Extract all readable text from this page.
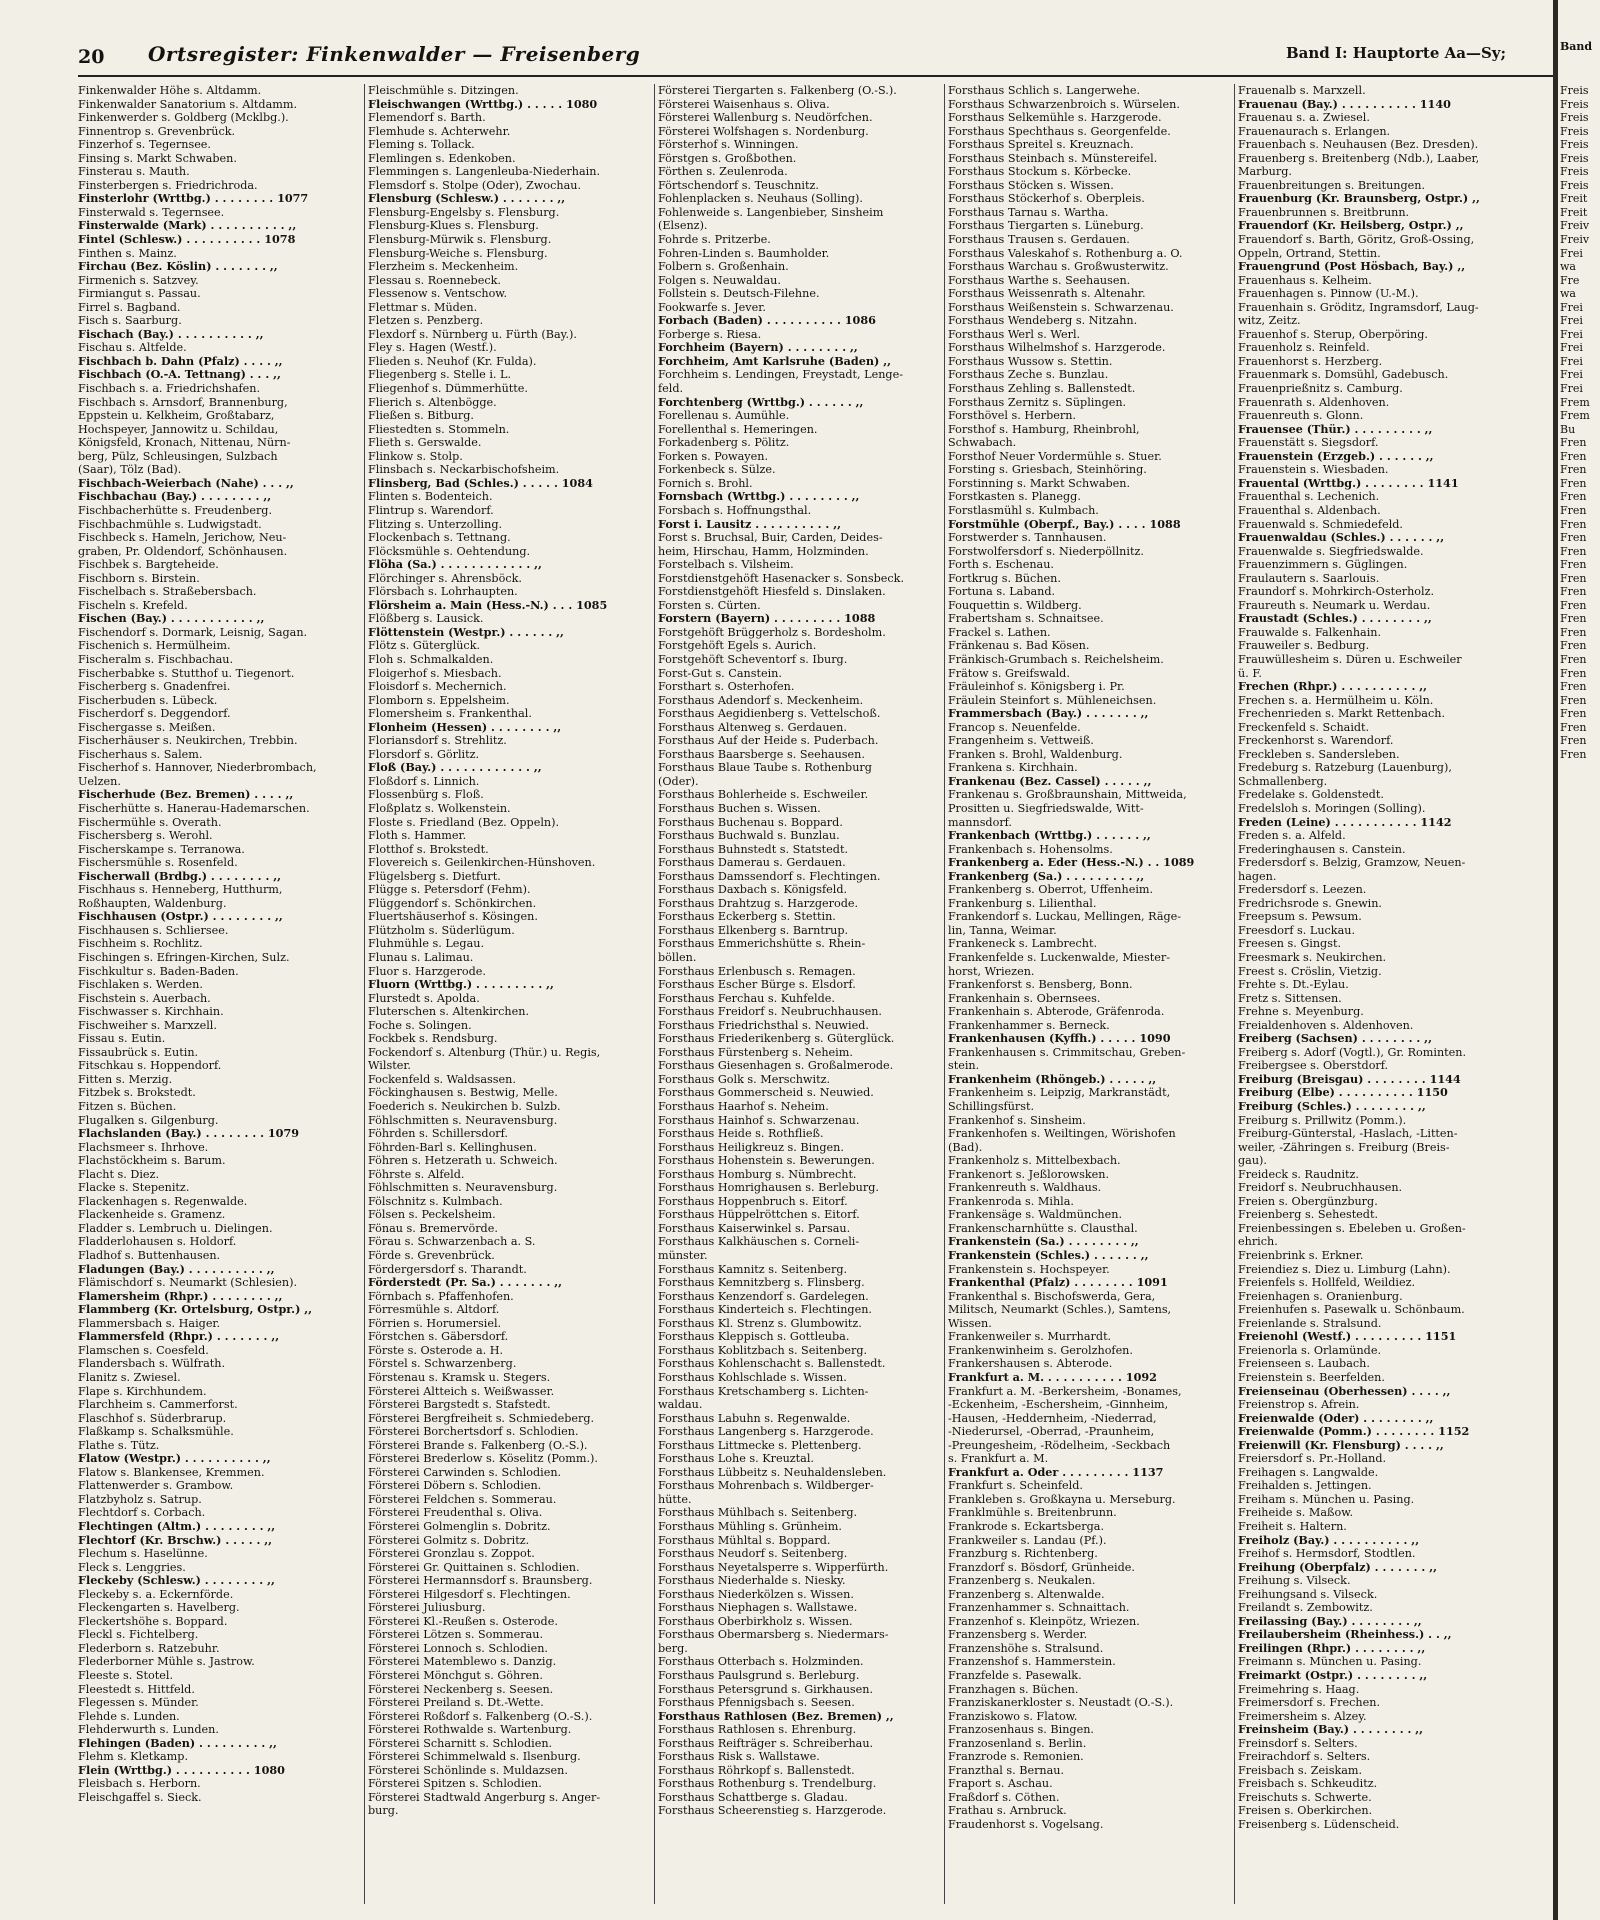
20 Ortsregister: Finkenwalder — Freisenberg	Band I: Hauptorte Aa—Sy;
Finkenwalder Höhe s. Altdamm.
Finkenwalder Sanatorium s. Altdamm.
Finkenwerder s. Goldberg (Mcklbg.).
Finnentrop s. Grevenbrück.
Finzerhof s. Tegernsee.
Finsing s. Markt Schwaben.
Finsterau s. Mauth.
Finsterbergen s. Friedrichroda.
Finsterlohr (Wrttbg.) . . . . . . . . 1077
Finsterwald s. Tegernsee.
Finsterwalde (Mark) . . . . . . . . . . ,,
Fintel (Schlesw.) . . . . . . . . . . 1078
Finthen s. Mainz.
Firchau (Bez. Köslin) . . . . . . . ,,
Firmenich s. Satzvey.
Firmiangut s. Passau.
Firrel s. Bagband.
Fisch s. Saarburg.
Fischach (Bay.) . . . . . . . . . . ,,
Fischau s. Altfelde.
Fischbach b. Dahn (Pfalz) . . . . ,,
Fischbach (O.-A. Tettnang) . . . ,,
Fischbach s. a. Friedrichshafen.
Fischbach s. Arnsdorf, Brannenburg,
Eppstein u. Kelkheim, Großtabarz,
Hochspeyer, Jannowitz u. Schildau,
Königsfeld, Kronach, Nittenau, Nürn-
berg, Pülz, Schleusingen, Sulzbach
(Saar), Tölz (Bad).
Fischbach-Weierbach (Nahe) . . . ,,
Fischbachau (Bay.) . . . . . . . . ,,
Fischbacherhütte s. Freudenberg.
Fischbachmühle s. Ludwigstadt.
Fischbeck s. Hameln, Jerichow, Neu-
graben, Pr. Oldendorf, Schönhausen.
Fischbek s. Bargteheide.
Fischborn s. Birstein.
Fischelbach s. Straßebersbach.
Fischeln s. Krefeld.
Fischen (Bay.) . . . . . . . . . . . ,,
Fischendorf s. Dormark, Leisnig, Sagan.
Fischenich s. Hermülheim.
Fischeralm s. Fischbachau.
Fischerbabke s. Stutthof u. Tiegenort.
Fischerberg s. Gnadenfrei.
Fischerbuden s. Lübeck.
Fischerdorf s. Deggendorf.
Fischergasse s. Meißen.
Fischerhäuser s. Neukirchen, Trebbin.
Fischerhaus s. Salem.
Fischerhof s. Hannover, Niederbrombach,
Uelzen.
Fischerhude (Bez. Bremen) . . . . ,,
Fischerhütte s. Hanerau-Hademarschen.
Fischermühle s. Overath.
Fischersberg s. Werohl.
Fischerskampe s. Terranowa.
Fischersmühle s. Rosenfeld.
Fischerwall (Brdbg.) . . . . . . . . ,,
Fischhaus s. Henneberg, Hutthurm,
Roßhaupten, Waldenburg.
Fischhausen (Ostpr.) . . . . . . . . ,,
Fischhausen s. Schliersee.
Fischheim s. Rochlitz.
Fischingen s. Efringen-Kirchen, Sulz.
Fischkultur s. Baden-Baden.
Fischlaken s. Werden.
Fischstein s. Auerbach.
Fischwasser s. Kirchhain.
Fischweiher s. Marxzell.
Fissau s. Eutin.
Fissaubrück s. Eutin.
Fitschkau s. Hoppendorf.
Fitten s. Merzig.
Fitzbek s. Brokstedt.
Fitzen s. Büchen.
Flugalken s. Gilgenburg.
Flachslanden (Bay.) . . . . . . . . 1079
Flachsmeer s. Ihrhove.
Flachstöckheim s. Barum.
Flacht s. Diez.
Flacke s. Stepenitz.
Flackenhagen s. Regenwalde.
Flackenheide s. Gramenz.
Fladder s. Lembruch u. Dielingen.
Fladderlohausen s. Holdorf.
Fladhof s. Buttenhausen.
Fladungen (Bay.) . . . . . . . . . . ,,
Flämischdorf s. Neumarkt (Schlesien).
Flamersheim (Rhpr.) . . . . . . . . ,,
Flammberg (Kr. Ortelsburg, Ostpr.) ,,
Flammersbach s. Haiger.
Flammersfeld (Rhpr.) . . . . . . . ,,
Flamschen s. Coesfeld.
Flandersbach s. Wülfrath.
Flanitz s. Zwiesel.
Flape s. Kirchhundem.
Flarchheim s. Cammerforst.
Flaschhof s. Süderbrarup.
Flaßkamp s. Schalksmühle.
Flathe s. Tütz.
Flatow (Westpr.) . . . . . . . . . . ,,
Flatow s. Blankensee, Kremmen.
Flattenwerder s. Grambow.
Flatzbyholz s. Satrup.
Flechtdorf s. Corbach.
Flechtingen (Altm.) . . . . . . . . ,,
Flechtorf (Kr. Brschw.) . . . . . ,,
Flechum s. Haselünne.
Fleck s. Lenggries.
Fleckeby (Schlesw.) . . . . . . . . ,,
Fleckeby s. a. Eckernförde.
Fleckengarten s. Havelberg.
Fleckertshöhe s. Boppard.
Fleckl s. Fichtelberg.
Flederborn s. Ratzebuhr.
Flederborner Mühle s. Jastrow.
Fleeste s. Stotel.
Fleestedt s. Hittfeld.
Flegessen s. Münder.
Flehde s. Lunden.
Flehderwurth s. Lunden.
Flehingen (Baden) . . . . . . . . . ,,
Flehm s. Kletkamp.
Flein (Wrttbg.) . . . . . . . . . . 1080
Fleisbach s. Herborn.
Fleischgaffel s. Sieck.
Fleischmühle s. Ditzingen.
Fleischwangen (Wrttbg.) . . . . . 1080
Flemendorf s. Barth.
Flemhude s. Achterwehr.
Fleming s. Tollack.
Flemlingen s. Edenkoben.
Flemmingen s. Langenleuba-Niederhain.
Flemsdorf s. Stolpe (Oder), Zwochau.
Flensburg (Schlesw.) . . . . . . . ,,
Flensburg-Engelsby s. Flensburg.
Flensburg-Klues s. Flensburg.
Flensburg-Mürwik s. Flensburg.
Flensburg-Weiche s. Flensburg.
Flerzheim s. Meckenheim.
Flessau s. Roennebeck.
Flessenow s. Ventschow.
Flettmar s. Müden.
Fletzen s. Penzberg.
Flexdorf s. Nürnberg u. Fürth (Bay.).
Fley s. Hagen (Westf.).
Flieden s. Neuhof (Kr. Fulda).
Fliegenberg s. Stelle i. L.
Fliegenhof s. Dümmerhütte.
Flierich s. Altenbögge.
Fließen s. Bitburg.
Fliestedten s. Stommeln.
Flieth s. Gerswalde.
Flinkow s. Stolp.
Flinsbach s. Neckarbischofsheim.
Flinsberg, Bad (Schles.) . . . . . 1084
Flinten s. Bodenteich.
Flintrup s. Warendorf.
Flitzing s. Unterzolling.
Flockenbach s. Tettnang.
Flöcksmühle s. Oehtendung.
Flöha (Sa.) . . . . . . . . . . . . ,,
Flörchinger s. Ahrensböck.
Flörsbach s. Lohrhaupten.
Flörsheim a. Main (Hess.-N.) . . . 1085
Flößberg s. Lausick.
Flöttenstein (Westpr.) . . . . . . ,,
Flötz s. Güterglück.
Floh s. Schmalkalden.
Floigerhof s. Miesbach.
Floisdorf s. Mechernich.
Flomborn s. Eppelsheim.
Flomersheim s. Frankenthal.
Flonheim (Hessen) . . . . . . . . ,,
Floriansdorf s. Strehlitz.
Florsdorf s. Görlitz.
Floß (Bay.) . . . . . . . . . . . . ,,
Floßdorf s. Linnich.
Flossenbürg s. Floß.
Floßplatz s. Wolkenstein.
Floste s. Friedland (Bez. Oppeln).
Floth s. Hammer.
Flotthof s. Brokstedt.
Flovereich s. Geilenkirchen-Hünshoven.
Flügelsberg s. Dietfurt.
Flügge s. Petersdorf (Fehm).
Flüggendorf s. Schönkirchen.
Fluertshäuserhof s. Kösingen.
Flützholm s. Süderlügum.
Fluhmühle s. Legau.
Flunau s. Lalimau.
Fluor s. Harzgerode.
Fluorn (Wrttbg.) . . . . . . . . . ,,
Flurstedt s. Apolda.
Fluterschen s. Altenkirchen.
Foche s. Solingen.
Fockbek s. Rendsburg.
Fockendorf s. Altenburg (Thür.) u. Regis,
Wilster.
Fockenfeld s. Waldsassen.
Föckinghausen s. Bestwig, Melle.
Foederich s. Neukirchen b. Sulzb.
Föhlschmitten s. Neuravensburg.
Föhrden s. Schillersdorf.
Föhrden-Barl s. Kellinghusen.
Föhren s. Hetzerath u. Schweich.
Föhrste s. Alfeld.
Föhlschmitten s. Neuravensburg.
Fölschnitz s. Kulmbach.
Fölsen s. Peckelsheim.
Fönau s. Bremervörde.
Förau s. Schwarzenbach a. S.
Förde s. Grevenbrück.
Fördergersdorf s. Tharandt.
Förderstedt (Pr. Sa.) . . . . . . . ,,
Förnbach s. Pfaffenhofen.
Förresmühle s. Altdorf.
Förrien s. Horumersiel.
Förstchen s. Gäbersdorf.
Förste s. Osterode a. H.
Förstel s. Schwarzenberg.
Förstenau s. Kramsk u. Stegers.
Försterei Altteich s. Weißwasser.
Försterei Bargstedt s. Stafstedt.
Försterei Bergfreiheit s. Schmiedeberg.
Försterei Borchertsdorf s. Schlodien.
Försterei Brande s. Falkenberg (O.-S.).
Försterei Brederlow s. Köselitz (Pomm.).
Försterei Carwinden s. Schlodien.
Försterei Döbern s. Schlodien.
Försterei Feldchen s. Sommerau.
Försterei Freudenthal s. Oliva.
Försterei Golmenglin s. Dobritz.
Försterei Golmitz s. Dobritz.
Försterei Gronzlau s. Zoppot.
Försterei Gr. Quittainen s. Schlodien.
Försterei Hermannsdorf s. Braunsberg.
Försterei Hilgesdorf s. Flechtingen.
Försterei Juliusburg.
Försterei Kl.-Reußen s. Osterode.
Försterei Lötzen s. Sommerau.
Försterei Lonnoch s. Schlodien.
Försterei Matemblewo s. Danzig.
Försterei Mönchgut s. Göhren.
Försterei Neckenberg s. Seesen.
Försterei Preiland s. Dt.-Wette.
Försterei Roßdorf s. Falkenberg (O.-S.).
Försterei Rothwalde s. Wartenburg.
Försterei Scharnitt s. Schlodien.
Försterei Schimmelwald s. Ilsenburg.
Försterei Schönlinde s. Muldazsen.
Försterei Spitzen s. Schlodien.
Försterei Stadtwald Angerburg s. Anger-
burg.
Försterei Tiergarten s. Falkenberg (O.-S.).
Försterei Waisenhaus s. Oliva.
Försterei Wallenburg s. Neudörfchen.
Försterei Wolfshagen s. Nordenburg.
Försterhof s. Winningen.
Förstgen s. Großbothen.
Förthen s. Zeulenroda.
Förtschendorf s. Teuschnitz.
Fohlenplacken s. Neuhaus (Solling).
Fohlenweide s. Langenbieber, Sinsheim
(Elsenz).
Fohrde s. Pritzerbe.
Fohren-Linden s. Baumholder.
Folbern s. Großenhain.
Folgen s. Neuwaldau.
Follstein s. Deutsch-Filehne.
Fookwarfe s. Jever.
Forbach (Baden) . . . . . . . . . . 1086
Forberge s. Riesa.
Forchheim (Bayern) . . . . . . . . ,,
Forchheim, Amt Karlsruhe (Baden) ,,
Forchheim s. Lendingen, Freystadt, Lenge-
feld.
Forchtenberg (Wrttbg.) . . . . . . ,,
Forellenau s. Aumühle.
Forellenthal s. Hemeringen.
Forkadenberg s. Pölitz.
Forken s. Powayen.
Forkenbeck s. Sülze.
Fornich s. Brohl.
Fornsbach (Wrttbg.) . . . . . . . . ,,
Forsbach s. Hoffnungsthal.
Forst i. Lausitz . . . . . . . . . . ,,
Forst s. Bruchsal, Buir, Carden, Deides-
heim, Hirschau, Hamm, Holzminden.
Forstelbach s. Vilsheim.
Forstdienstgehöft Hasenacker s. Sonsbeck.
Forstdienstgehöft Hiesfeld s. Dinslaken.
Forsten s. Cürten.
Forstern (Bayern) . . . . . . . . . 1088
Forstgehöft Brüggerholz s. Bordesholm.
Forstgehöft Egels s. Aurich.
Forstgehöft Scheventorf s. Iburg.
Forst-Gut s. Canstein.
Forsthart s. Osterhofen.
Forsthaus Adendorf s. Meckenheim.
Forsthaus Aegidienberg s. Vettelschoß.
Forsthaus Altenweg s. Gerdauen.
Forsthaus Auf der Heide s. Puderbach.
Forsthaus Baarsberge s. Seehausen.
Forsthaus Blaue Taube s. Rothenburg
(Oder).
Forsthaus Bohlerheide s. Eschweiler.
Forsthaus Buchen s. Wissen.
Forsthaus Buchenau s. Boppard.
Forsthaus Buchwald s. Bunzlau.
Forsthaus Buhnstedt s. Statstedt.
Forsthaus Damerau s. Gerdauen.
Forsthaus Damssendorf s. Flechtingen.
Forsthaus Daxbach s. Königsfeld.
Forsthaus Drahtzug s. Harzgerode.
Forsthaus Eckerberg s. Stettin.
Forsthaus Elkenberg s. Barntrup.
Forsthaus Emmerichshütte s. Rhein-
böllen.
Forsthaus Erlenbusch s. Remagen.
Forsthaus Escher Bürge s. Elsdorf.
Forsthaus Ferchau s. Kuhfelde.
Forsthaus Freidorf s. Neubruchhausen.
Forsthaus Friedrichsthal s. Neuwied.
Forsthaus Friederikenberg s. Güterglück.
Forsthaus Fürstenberg s. Neheim.
Forsthaus Giesenhagen s. Großalmerode.
Forsthaus Golk s. Merschwitz.
Forsthaus Gommerscheid s. Neuwied.
Forsthaus Haarhof s. Neheim.
Forsthaus Hainhof s. Schwarzenau.
Forsthaus Heide s. Rothfließ.
Forsthaus Heiligkreuz s. Bingen.
Forsthaus Hohenstein s. Bewerungen.
Forsthaus Homburg s. Nümbrecht.
Forsthaus Homrighausen s. Berleburg.
Forsthaus Hoppenbruch s. Eitorf.
Forsthaus Hüppelröttchen s. Eitorf.
Forsthaus Kaiserwinkel s. Parsau.
Forsthaus Kalkhäuschen s. Corneli-
münster.
Forsthaus Kamnitz s. Seitenberg.
Forsthaus Kemnitzberg s. Flinsberg.
Forsthaus Kenzendorf s. Gardelegen.
Forsthaus Kinderteich s. Flechtingen.
Forsthaus Kl. Strenz s. Glumbowitz.
Forsthaus Kleppisch s. Gottleuba.
Forsthaus Koblitzbach s. Seitenberg.
Forsthaus Kohlenschacht s. Ballenstedt.
Forsthaus Kohlschlade s. Wissen.
Forsthaus Kretschamberg s. Lichten-
waldau.
Forsthaus Labuhn s. Regenwalde.
Forsthaus Langenberg s. Harzgerode.
Forsthaus Littmecke s. Plettenberg.
Forsthaus Lohe s. Kreuztal.
Forsthaus Lübbeitz s. Neuhaldensleben.
Forsthaus Mohrenbach s. Wildberger-
hütte.
Forsthaus Mühlbach s. Seitenberg.
Forsthaus Mühling s. Grünheim.
Forsthaus Mühltal s. Boppard.
Forsthaus Neudorf s. Seitenberg.
Forsthaus Neyetalsperre s. Wipperfürth.
Forsthaus Niederhalde s. Niesky.
Forsthaus Niederkölzen s. Wissen.
Forsthaus Niephagen s. Wallstawe.
Forsthaus Oberbirkholz s. Wissen.
Forsthaus Obermarsberg s. Niedermars-
berg.
Forsthaus Otterbach s. Holzminden.
Forsthaus Paulsgrund s. Berleburg.
Forsthaus Petersgrund s. Girkhausen.
Forsthaus Pfennigsbach s. Seesen.
Forsthaus Rathlosen (Bez. Bremen) ,,
Forsthaus Rathlosen s. Ehrenburg.
Forsthaus Reifträger s. Schreiberhau.
Forsthaus Risk s. Wallstawe.
Forsthaus Röhrkopf s. Ballenstedt.
Forsthaus Rothenburg s. Trendelburg.
Forsthaus Schattberge s. Gladau.
Forsthaus Scheerenstieg s. Harzgerode.
Forsthaus Schlich s. Langerwehe.
Forsthaus Schwarzenbroich s. Würselen.
Forsthaus Selkemühle s. Harzgerode.
Forsthaus Spechthaus s. Georgenfelde.
Forsthaus Spreitel s. Kreuznach.
Forsthaus Steinbach s. Münstereifel.
Forsthaus Stockum s. Körbecke.
Forsthaus Stöcken s. Wissen.
Forsthaus Stöckerhof s. Oberpleis.
Forsthaus Tarnau s. Wartha.
Forsthaus Tiergarten s. Lüneburg.
Forsthaus Trausen s. Gerdauen.
Forsthaus Valeskahof s. Rothenburg a. O.
Forsthaus Warchau s. Großwusterwitz.
Forsthaus Warthe s. Seehausen.
Forsthaus Weissenrath s. Altenahr.
Forsthaus Weißenstein s. Schwarzenau.
Forsthaus Wendeberg s. Nitzahn.
Forsthaus Werl s. Werl.
Forsthaus Wilhelmshof s. Harzgerode.
Forsthaus Wussow s. Stettin.
Forsthaus Zeche s. Bunzlau.
Forsthaus Zehling s. Ballenstedt.
Forsthaus Zernitz s. Süplingen.
Forsthövel s. Herbern.
Forsthof s. Hamburg, Rheinbrohl,
Schwabach.
Forsthof Neuer Vordermühle s. Stuer.
Forsting s. Griesbach, Steinhöring.
Forstinning s. Markt Schwaben.
Forstkasten s. Planegg.
Forstlasmühl s. Kulmbach.
Forstmühle (Oberpf., Bay.) . . . . 1088
Forstwerder s. Tannhausen.
Forstwolfersdorf s. Niederpöllnitz.
Forth s. Eschenau.
Fortkrug s. Büchen.
Fortuna s. Laband.
Fouquettin s. Wildberg.
Frabertsham s. Schnaitsee.
Frackel s. Lathen.
Fränkenau s. Bad Kösen.
Fränkisch-Grumbach s. Reichelsheim.
Frätow s. Greifswald.
Fräuleinhof s. Königsberg i. Pr.
Fräulein Steinfort s. Mühleneichsen.
Frammersbach (Bay.) . . . . . . . ,,
Francop s. Neuenfelde.
Frangenheim s. Vettweiß.
Franken s. Brohl, Waldenburg.
Frankena s. Kirchhain.
Frankenau (Bez. Cassel) . . . . . ,,
Frankenau s. Großbraunshain, Mittweida,
Prositten u. Siegfriedswalde, Witt-
mannsdorf.
Frankenbach (Wrttbg.) . . . . . . ,,
Frankenbach s. Hohensolms.
Frankenberg a. Eder (Hess.-N.) . . 1089
Frankenberg (Sa.) . . . . . . . . . ,,
Frankenberg s. Oberrot, Uffenheim.
Frankenburg s. Lilienthal.
Frankendorf s. Luckau, Mellingen, Räge-
lin, Tanna, Weimar.
Frankeneck s. Lambrecht.
Frankenfelde s. Luckenwalde, Miester-
horst, Wriezen.
Frankenforst s. Bensberg, Bonn.
Frankenhain s. Obernsees.
Frankenhain s. Abterode, Gräfenroda.
Frankenhammer s. Berneck.
Frankenhausen (Kyffh.) . . . . . 1090
Frankenhausen s. Crimmitschau, Greben-
stein.
Frankenheim (Rhöngeb.) . . . . . ,,
Frankenheim s. Leipzig, Markranstädt,
Schillingsfürst.
Frankenhof s. Sinsheim.
Frankenhofen s. Weiltingen, Wörishofen
(Bad).
Frankenholz s. Mittelbexbach.
Frankenort s. Jeßlorowsken.
Frankenreuth s. Waldhaus.
Frankenroda s. Mihla.
Frankensäge s. Waldmünchen.
Frankenscharnhütte s. Clausthal.
Frankenstein (Sa.) . . . . . . . . ,,
Frankenstein (Schles.) . . . . . . ,,
Frankenstein s. Hochspeyer.
Frankenthal (Pfalz) . . . . . . . . 1091
Frankenthal s. Bischofswerda, Gera,
Militsch, Neumarkt (Schles.), Samtens,
Wissen.
Frankenweiler s. Murrhardt.
Frankenwinheim s. Gerolzhofen.
Frankershausen s. Abterode.
Frankfurt a. M. . . . . . . . . . . 1092
Frankfurt a. M. -Berkersheim, -Bonames,
-Eckenheim, -Eschersheim, -Ginnheim,
-Hausen, -Heddernheim, -Niederrad,
-Niederursel, -Oberrad, -Praunheim,
-Preungesheim, -Rödelheim, -Seckbach
s. Frankfurt a. M.
Frankfurt a. Oder . . . . . . . . . 1137
Frankfurt s. Scheinfeld.
Frankleben s. Großkayna u. Merseburg.
Franklmühle s. Breitenbrunn.
Frankrode s. Eckartsberga.
Frankweiler s. Landau (Pf.).
Franzburg s. Richtenberg.
Franzdorf s. Bösdorf, Grünheide.
Franzenberg s. Neukalen.
Franzenberg s. Altenwalde.
Franzenhammer s. Schnaittach.
Franzenhof s. Kleinpötz, Wriezen.
Franzensberg s. Werder.
Franzenshöhe s. Stralsund.
Franzenshof s. Hammerstein.
Franzfelde s. Pasewalk.
Franzhagen s. Büchen.
Franziskanerkloster s. Neustadt (O.-S.).
Franziskowo s. Flatow.
Franzosenhaus s. Bingen.
Franzosenland s. Berlin.
Franzrode s. Remonien.
Franzthal s. Bernau.
Fraport s. Aschau.
Fraßdorf s. Cöthen.
Frathau s. Arnbruck.
Fraudenhorst s. Vogelsang.
Frauenalb s. Marxzell.
Frauenau (Bay.) . . . . . . . . . . 1140
Frauenau s. a. Zwiesel.
Frauenaurach s. Erlangen.
Frauenbach s. Neuhausen (Bez. Dresden).
Frauenberg s. Breitenberg (Ndb.), Laaber,
Marburg.
Frauenbreitungen s. Breitungen.
Frauenburg (Kr. Braunsberg, Ostpr.) ,,
Frauenbrunnen s. Breitbrunn.
Frauendorf (Kr. Heilsberg, Ostpr.) ,,
Frauendorf s. Barth, Göritz, Groß-Ossing,
Oppeln, Ortrand, Stettin.
Frauengrund (Post Hösbach, Bay.) ,,
Frauenhaus s. Kelheim.
Frauenhagen s. Pinnow (U.-M.).
Frauenhain s. Gröditz, Ingramsdorf, Laug-
witz, Zeitz.
Frauenhof s. Sterup, Oberpöring.
Frauenholz s. Reinfeld.
Frauenhorst s. Herzberg.
Frauenmark s. Domsühl, Gadebusch.
Frauenprießnitz s. Camburg.
Frauenrath s. Aldenhoven.
Frauenreuth s. Glonn.
Frauensee (Thür.) . . . . . . . . . ,,
Frauenstätt s. Siegsdorf.
Frauenstein (Erzgeb.) . . . . . . ,,
Frauenstein s. Wiesbaden.
Frauental (Wrttbg.) . . . . . . . . 1141
Frauenthal s. Lechenich.
Frauenthal s. Aldenbach.
Frauenwald s. Schmiedefeld.
Frauenwaldau (Schles.) . . . . . . ,,
Frauenwalde s. Siegfriedswalde.
Frauenzimmern s. Güglingen.
Fraulautern s. Saarlouis.
Fraundorf s. Mohrkirch-Osterholz.
Fraureuth s. Neumark u. Werdau.
Fraustadt (Schles.) . . . . . . . . ,,
Frauwalde s. Falkenhain.
Frauweiler s. Bedburg.
Frauwüllesheim s. Düren u. Eschweiler
ü. F.
Frechen (Rhpr.) . . . . . . . . . . ,,
Frechen s. a. Hermülheim u. Köln.
Frechenrieden s. Markt Rettenbach.
Freckenfeld s. Schaidt.
Freckenhorst s. Warendorf.
Freckleben s. Sandersleben.
Fredeburg s. Ratzeburg (Lauenburg),
Schmallenberg.
Fredelake s. Goldenstedt.
Fredelsloh s. Moringen (Solling).
Freden (Leine) . . . . . . . . . . . 1142
Freden s. a. Alfeld.
Frederinghausen s. Canstein.
Fredersdorf s. Belzig, Gramzow, Neuen-
hagen.
Fredersdorf s. Leezen.
Fredrichsrode s. Gnewin.
Freepsum s. Pewsum.
Freesdorf s. Luckau.
Freesen s. Gingst.
Freesmark s. Neukirchen.
Freest s. Cröslin, Vietzig.
Frehte s. Dt.-Eylau.
Fretz s. Sittensen.
Frehne s. Meyenburg.
Freialdenhoven s. Aldenhoven.
Freiberg (Sachsen) . . . . . . . . ,,
Freiberg s. Adorf (Vogtl.), Gr. Rominten.
Freibergsee s. Oberstdorf.
Freiburg (Breisgau) . . . . . . . . 1144
Freiburg (Elbe) . . . . . . . . . . 1150
Freiburg (Schles.) . . . . . . . . ,,
Freiburg s. Prillwitz (Pomm.).
Freiburg-Günterstal, -Haslach, -Litten-
weiler, -Zähringen s. Freiburg (Breis-
gau).
Freideck s. Raudnitz.
Freidorf s. Neubruchhausen.
Freien s. Obergünzburg.
Freienberg s. Sehestedt.
Freienbessingen s. Ebeleben u. Großen-
ehrich.
Freienbrink s. Erkner.
Freiendiez s. Diez u. Limburg (Lahn).
Freienfels s. Hollfeld, Weildiez.
Freienhagen s. Oranienburg.
Freienhufen s. Pasewalk u. Schönbaum.
Freienlande s. Stralsund.
Freienohl (Westf.) . . . . . . . . . 1151
Freienorla s. Orlamünde.
Freienseen s. Laubach.
Freienstein s. Beerfelden.
Freienseinau (Oberhessen) . . . . ,,
Freienstrop s. Afrein.
Freienwalde (Oder) . . . . . . . . ,,
Freienwalde (Pomm.) . . . . . . . . 1152
Freienwill (Kr. Flensburg) . . . . ,,
Freiersdorf s. Pr.-Holland.
Freihagen s. Langwalde.
Freihalden s. Jettingen.
Freiham s. München u. Pasing.
Freiheide s. Maßow.
Freiheit s. Haltern.
Freiholz (Bay.) . . . . . . . . . . ,,
Freihof s. Hermsdorf, Stodtlen.
Freihung (Oberpfalz) . . . . . . . ,,
Freihung s. Vilseck.
Freihungsand s. Vilseck.
Freilandt s. Zembowitz.
Freilassing (Bay.) . . . . . . . . ,,
Freilaubersheim (Rheinhess.) . . ,,
Freilingen (Rhpr.) . . . . . . . . ,,
Freimann s. München u. Pasing.
Freimarkt (Ostpr.) . . . . . . . . ,,
Freimehring s. Haag.
Freimersdorf s. Frechen.
Freimersheim s. Alzey.
Freinsheim (Bay.) . . . . . . . . ,,
Freinsdorf s. Selters.
Freirachdorf s. Selters.
Freisbach s. Zeiskam.
Freisbach s. Schkeuditz.
Freischuts s. Schwerte.
Freisen s. Oberkirchen.
Freisenberg s. Lüdenscheid.
Band
Freis
Freis
Freis
Freis
Freis
Freis
Freis
Freis
Freit
Freit
Freiv
Freiv
Frei
wa
Fre
wa
Frei
Frei
Frei
Frei
Frei
Frei
Frei
Frem
Frem
Bu
Fren
Fren
Fren
Fren
Fren
Fren
Fren
Fren
Fren
Fren
Fren
Fren
Fren
Fren
Fren
Fren
Fren
Fren
Fren
Fren
Fren
Fren
Fren
Fren
